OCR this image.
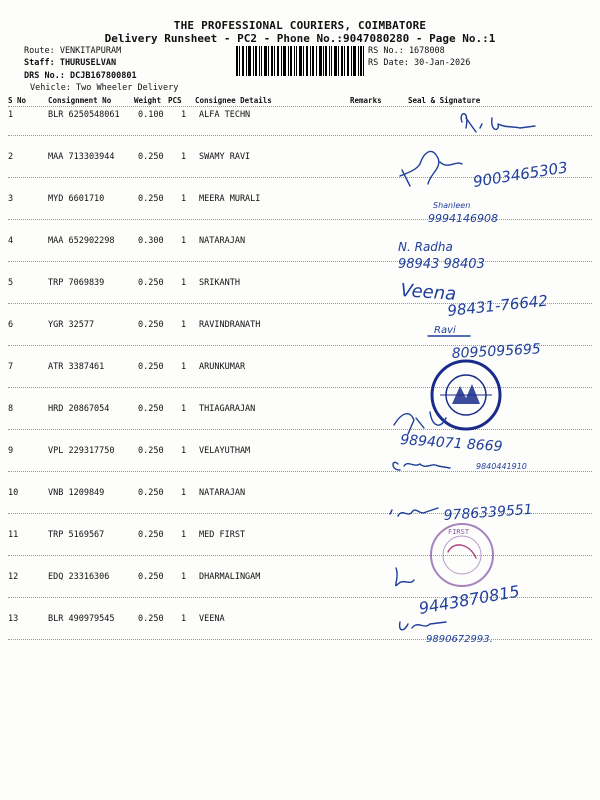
THE PROFESSIONAL COURIERS, COIMBATORE
Delivery Runsheet - PC2 - Phone No.:9047080280 - Page No.:1
Route: VENKITAPURAM
Staff: THURUSELVAN
DRS No.: DCJB167800801
Vehicle: Two Wheeler Delivery
RS No.: 1678008
RS Date: 30-Jan-2026
S No	Consignment No	Weight PCS Consignee Details	Remarks	Seal & Signature
1	BLR 6250548061 0.100 1 ALFA TECHN
2	MAA 713303944	0.250 1 SWAMY RAVI
3	MYD 6601710	0.250 1 MEERA MURALI
4	MAA 652902298	0.300 1 NATARAJAN
5	TRP 7069839	0.250 1 SRIKANTH
6	YGR 32577	0.250 1 RAVINDRANATH
7	ATR 3387461	0.250 1 ARUNKUMAR
8	HRD 20867054	0.250 1 THIAGARAJAN
9	VPL 229317750	0.250 1 VELAYUTHAM
10	VNB 1209849	0.250 1 NATARAJAN
11	TRP 5169567	0.250 1 MED FIRST
12	EDQ 23316306	0.250 1 DHARMALINGAM
13	BLR 490979545	0.250 1 VEENA
9003465303
Shanleen
9994146908
N. Radha
98943 98403
Veena
98431-76642
Ravi
8095095695
9894071 8669
9840441910
9786339551
FIRST
9443870815
9890672993.
